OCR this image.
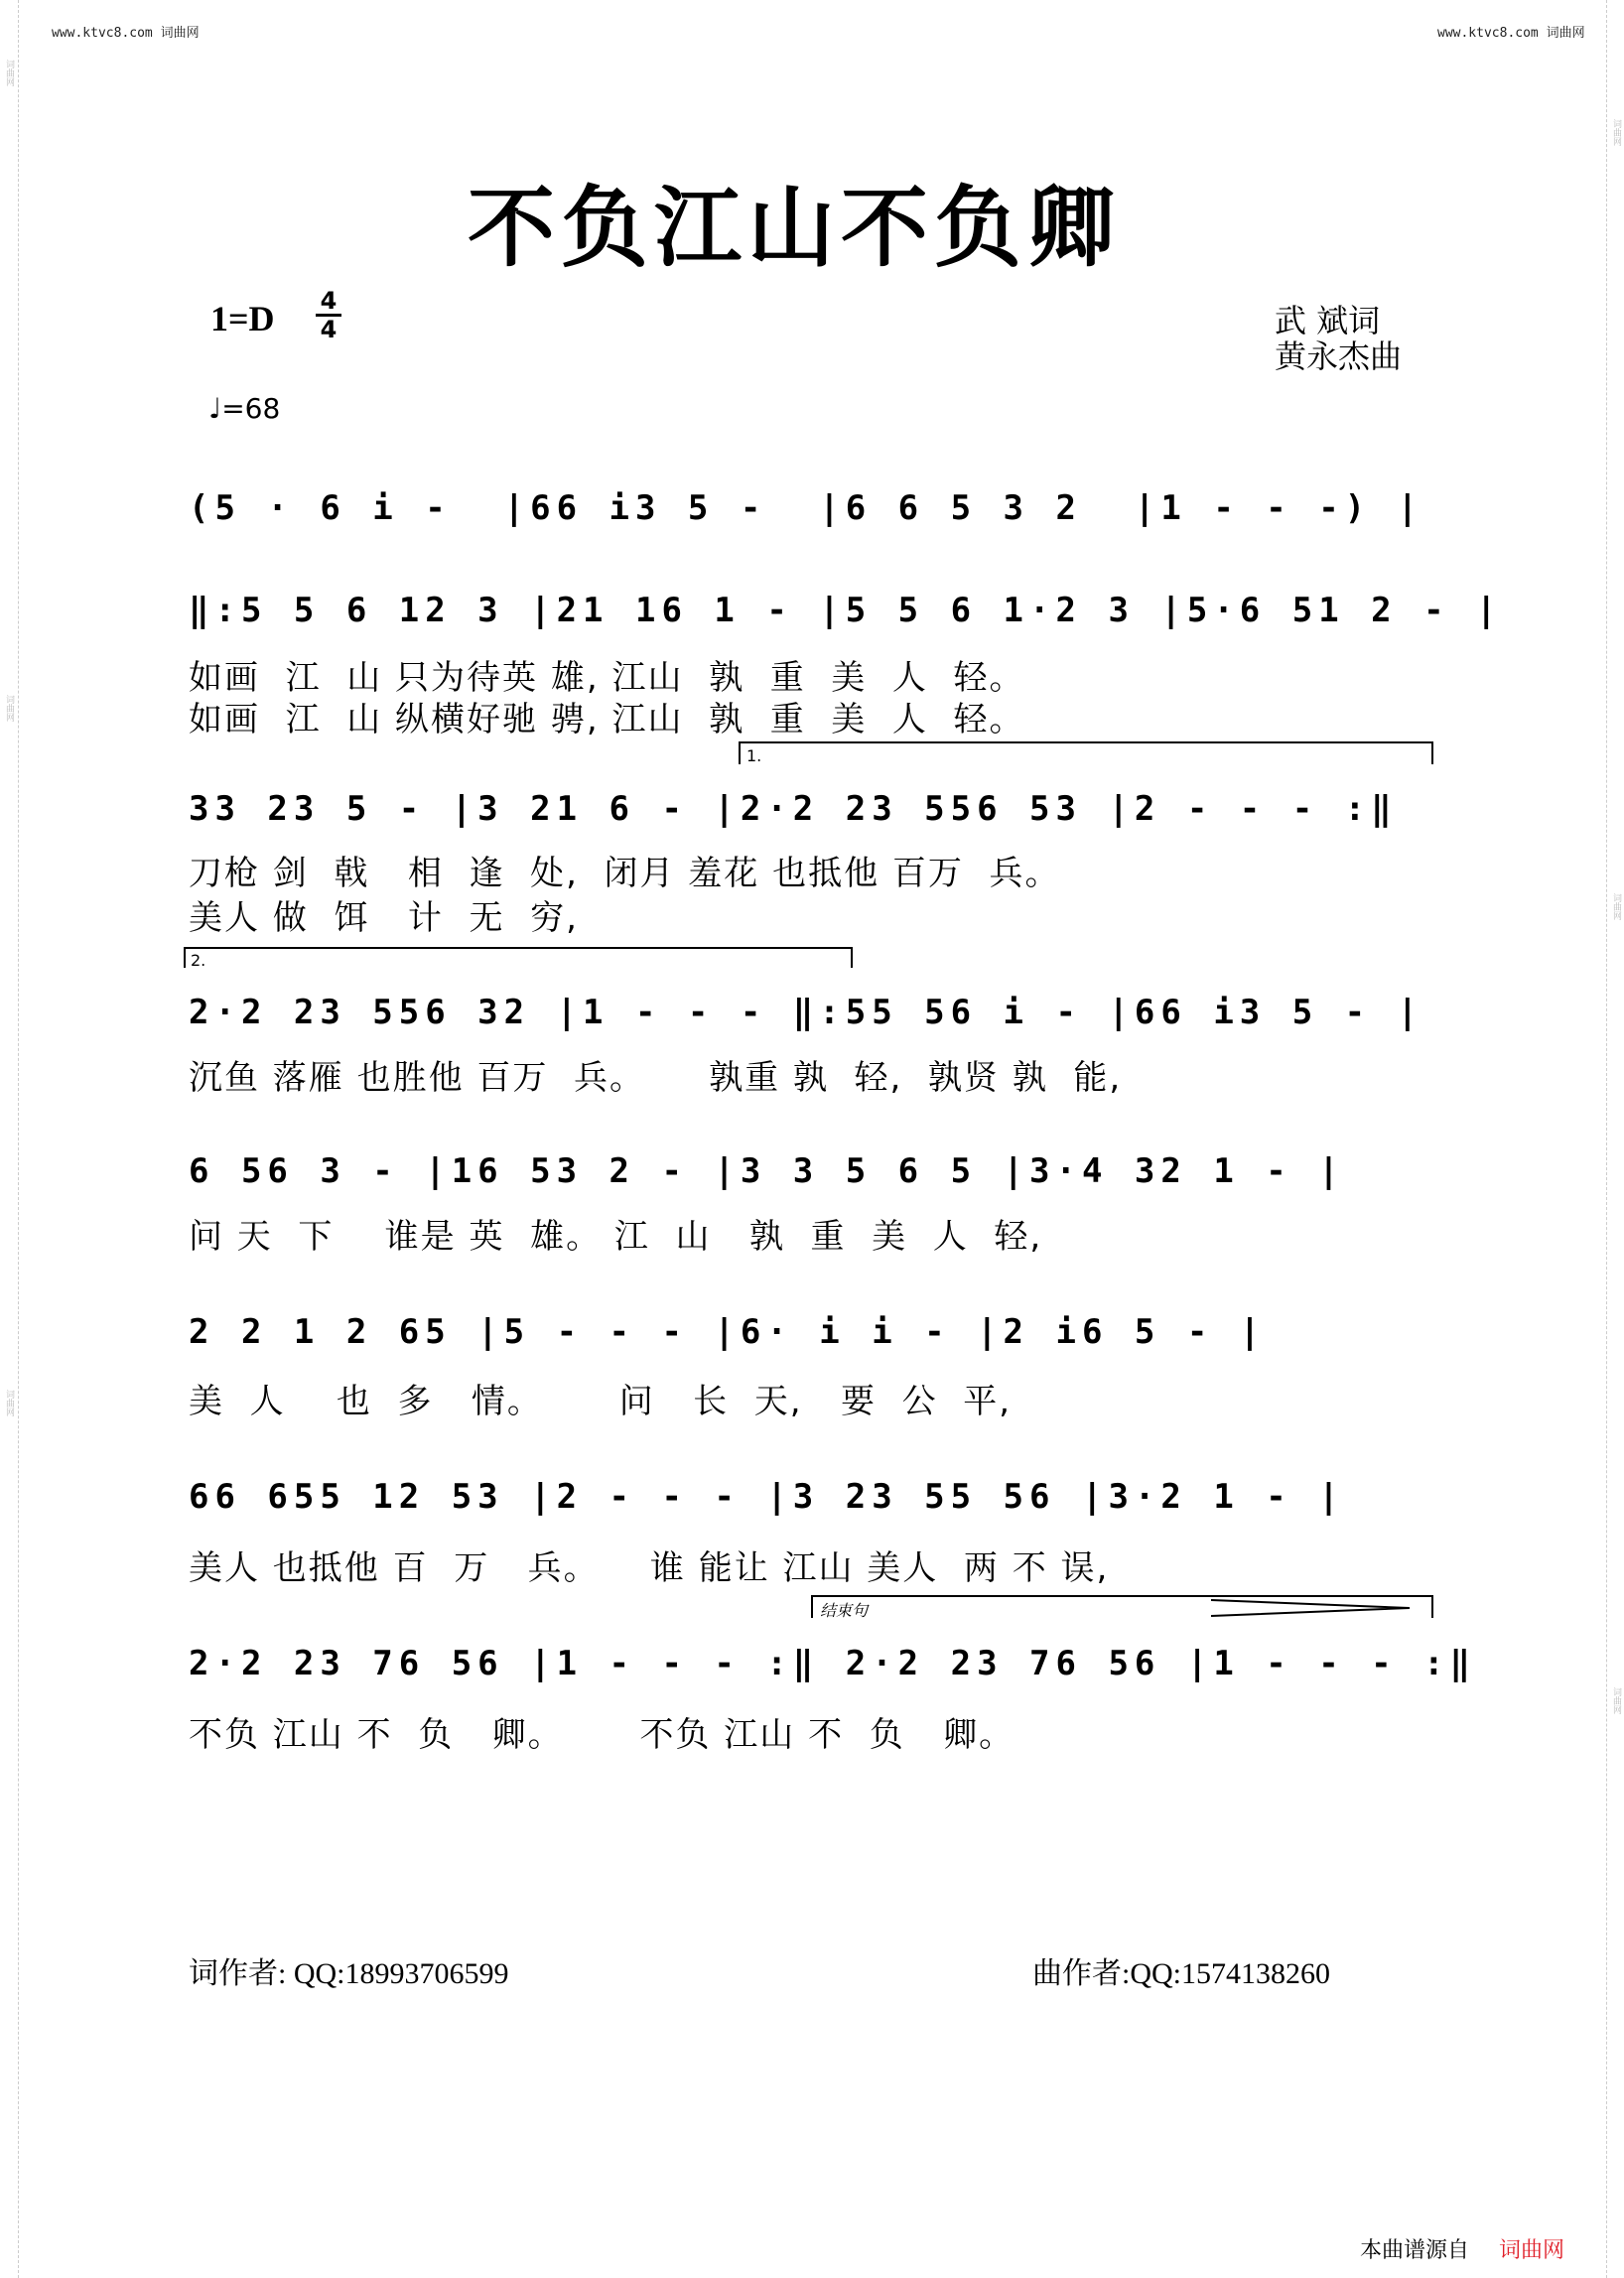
词曲网
词曲网
词曲网
词曲网
词曲网
词曲网
www.ktvc8.com 词曲网	www.ktvc8.com 词曲网
不负江山不负卿
1=D 4
4	武 斌词
黄永杰曲
♩=68
(5 · 6 i -  |66 i3 5 -  |6 6 5 3 2  |1 - - -) |
‖:5 5 6 12 3 |21 16 1 - |5 5 6 1·2 3 |5·6 51 2 - |
如画  江  山 只为待英 雄, 江山  孰  重  美  人  轻。
如画  江  山 纵横好驰 骋, 江山  孰  重  美  人  轻。
33 23 5 - |3 21 6 - |2·2 23 556 53 |2 - - - :‖
刀枪 剑  戟   相  逢  处,  闭月 羞花 也抵他 百万  兵。
美人 做  饵   计  无  穷,
2·2 23 556 32 |1 - - - ‖:55 56 i - |66 i3 5 - |
沉鱼 落雁 也胜他 百万  兵。     孰重 孰  轻,  孰贤 孰  能,
6 56 3 - |16 53 2 - |3 3 5 6 5 |3·4 32 1 - |
问 天  下    谁是 英  雄。 江  山   孰  重  美  人  轻,
2 2 1 2 65 |5 - - - |6· i i - |2 i6 5 - |
美  人    也  多   情。      问   长  天,   要  公  平,
66 655 12 53 |2 - - - |3 23 55 56 |3·2 1 - |
美人 也抵他 百  万   兵。    谁 能让 江山 美人  两 不 误,
2·2 23 76 56 |1 - - - :‖ 2·2 23 76 56 |1 - - - :‖
不负 江山 不  负   卿。      不负 江山 不  负   卿。
1.
2.
结束句
词作者: QQ:18993706599	曲作者:QQ:1574138260
本曲谱源自 词曲网
